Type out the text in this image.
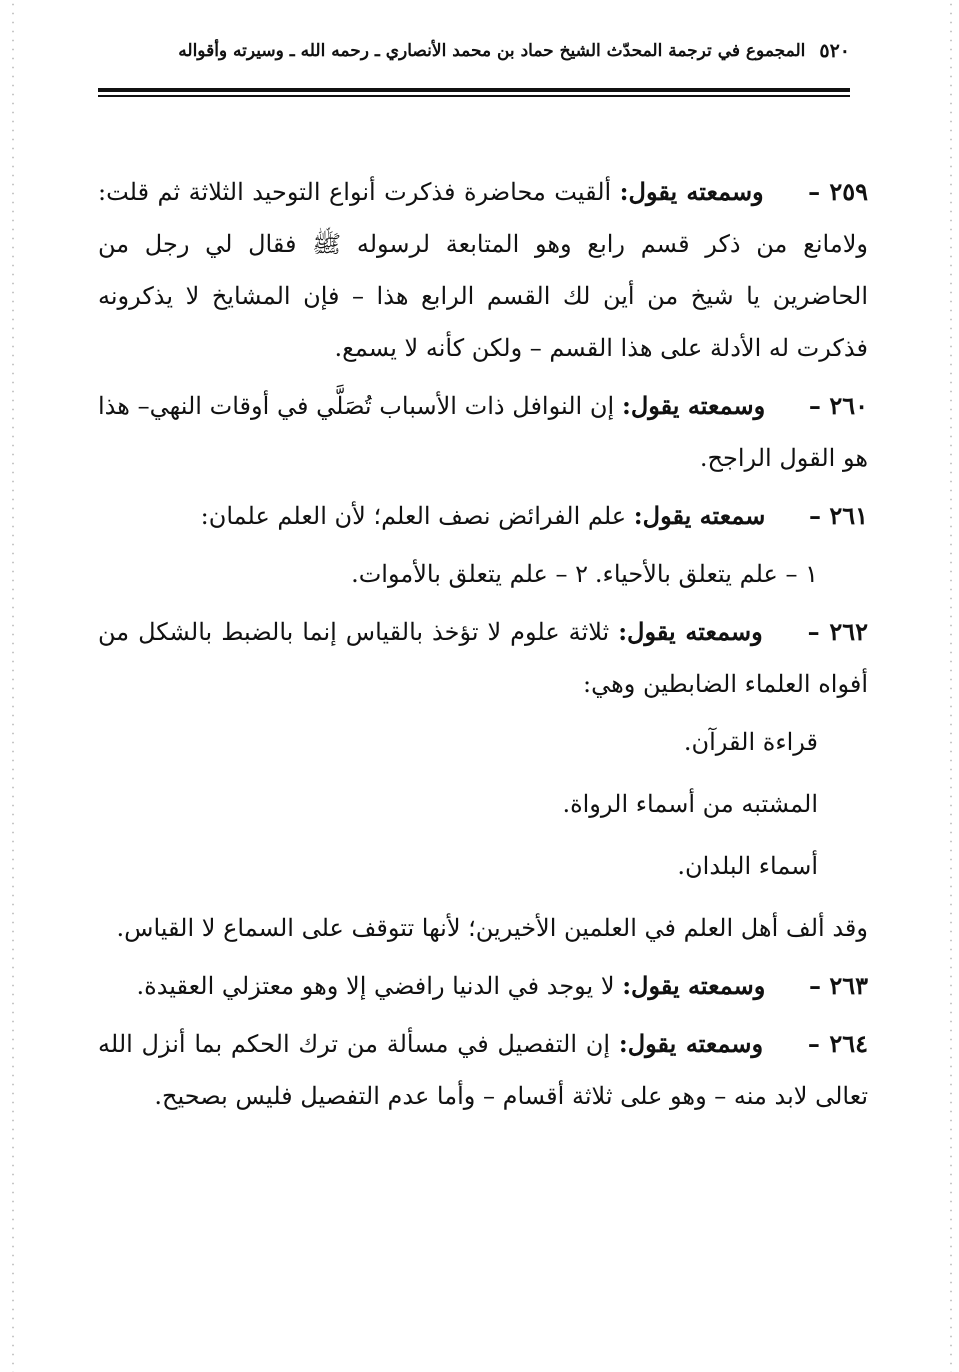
٥٢٠
المجموع في ترجمة المحدّث الشيخ حماد بن محمد الأنصاري ـ رحمه الله ـ وسيرته وأقواله

٢٥٩ – وسمعته يقول: ألقيت محاضرة فذكرت أنواع التوحيد الثلاثة ثم قلت: ولامانع من ذكر قسم رابع وهو المتابعة لرسوله ﷺ فقال لي رجل من الحاضرين يا شيخ من أين لك القسم الرابع هذا – فإن المشايخ لا يذكرونه فذكرت له الأدلة على هذا القسم – ولكن كأنه لا يسمع.

٢٦٠ – وسمعته يقول: إن النوافل ذات الأسباب تُصَلَّي في أوقات النهي– هذا هو القول الراجح.

٢٦١ – سمعته يقول: علم الفرائض نصف العلم؛ لأن العلم علمان:

١ – علم يتعلق بالأحياء.
٢ – علم يتعلق بالأموات.

٢٦٢ – وسمعته يقول: ثلاثة علوم لا تؤخذ بالقياس إنما بالضبط بالشكل من أفواه العلماء الضابطين وهي:

قراءة القرآن.
المشتبه من أسماء الرواة.
أسماء البلدان.

وقد ألف أهل العلم في العلمين الأخيرين؛ لأنها تتوقف على السماع لا القياس.

٢٦٣ – وسمعته يقول: لا يوجد في الدنيا رافضي إلا وهو معتزلي العقيدة.

٢٦٤ – وسمعته يقول: إن التفصيل في مسألة من ترك الحكم بما أنزل الله تعالى لابد منه – وهو على ثلاثة أقسام – وأما عدم التفصيل فليس بصحيح.
